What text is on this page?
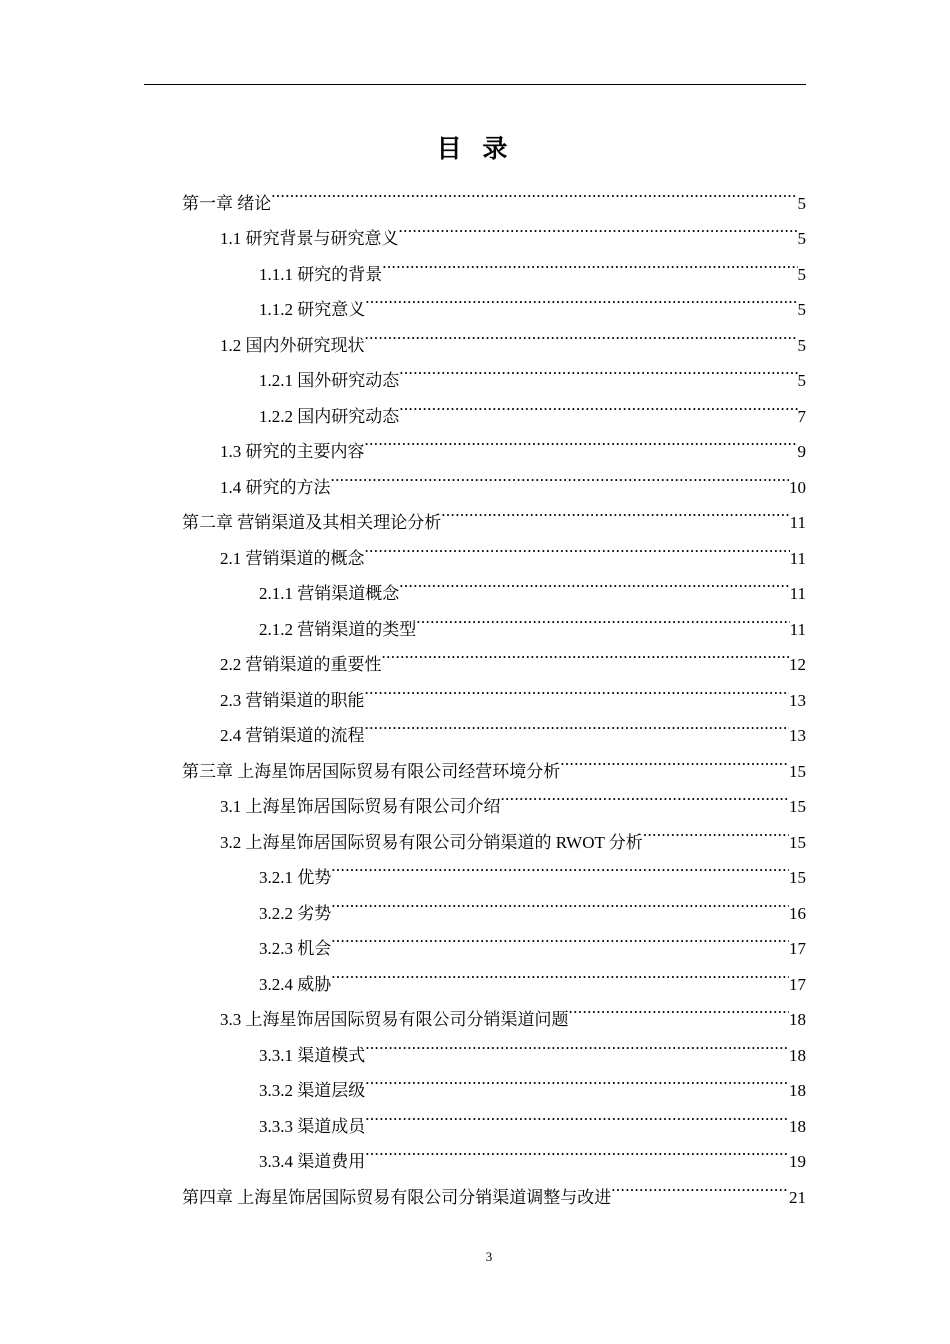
目 录
第一章 绪论 .....	5
1.1 研究背景与研究意义 .....	5
1.1.1 研究的背景 .....	5
1.1.2 研究意义 .....	5
1.2 国内外研究现状 .....	5
1.2.1 国外研究动态 .....	5
1.2.2 国内研究动态 .....	7
1.3 研究的主要内容 .....	9
1.4 研究的方法 .....	10
第二章 营销渠道及其相关理论分析 .....	11
2.1 营销渠道的概念 .....	11
2.1.1 营销渠道概念 .....	11
2.1.2 营销渠道的类型 .....	11
2.2 营销渠道的重要性 .....	12
2.3 营销渠道的职能 .....	13
2.4 营销渠道的流程 .....	13
第三章 上海星饰居国际贸易有限公司经营环境分析 .....	15
3.1 上海星饰居国际贸易有限公司介绍 .....	15
3.2 上海星饰居国际贸易有限公司分销渠道的 RWOT 分析 .....	15
3.2.1 优势 .....	15
3.2.2 劣势 .....	16
3.2.3 机会 .....	17
3.2.4 威胁 .....	17
3.3 上海星饰居国际贸易有限公司分销渠道问题 .....	18
3.3.1 渠道模式 .....	18
3.3.2 渠道层级 .....	18
3.3.3 渠道成员 .....	18
3.3.4 渠道费用 .....	19
第四章 上海星饰居国际贸易有限公司分销渠道调整与改进 .....	21
3
